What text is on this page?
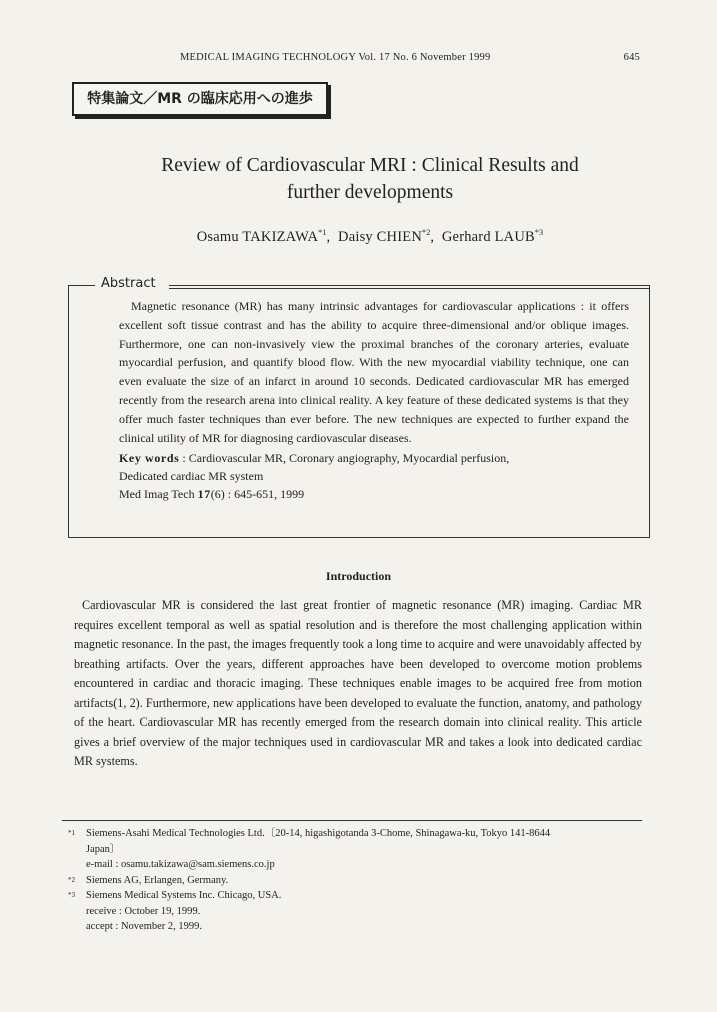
MEDICAL IMAGING TECHNOLOGY Vol. 17 No. 6 November 1999	645
特集論文／MR の臨床応用への進歩
Review of Cardiovascular MRI : Clinical Results and
further developments
Osamu TAKIZAWA$^{*1}$,  Daisy CHIEN$^{*2}$,  Gerhard LAUB$^{*3}$
Abstract

Magnetic resonance (MR) has many intrinsic advantages for cardiovascular applications : it offers excellent soft tissue contrast and has the ability to acquire three-dimensional and/or oblique images. Furthermore, one can non-invasively view the proximal branches of the coronary arteries, evaluate myocardial perfusion, and quantify blood flow. With the new myocardial viability technique, one can even evaluate the size of an infarct in around 10 seconds. Dedicated cardiovascular MR has emerged recently from the research arena into clinical reality. A key feature of these dedicated systems is that they offer much faster techniques than ever before. The new techniques are expected to further expand the clinical utility of MR for diagnosing cardiovascular diseases.

Key words : Cardiovascular MR, Coronary angiography, Myocardial perfusion,
Dedicated cardiac MR system
Med Imag Tech 17(6) : 645-651, 1999
Introduction

Cardiovascular MR is considered the last great frontier of magnetic resonance (MR) imaging. Cardiac MR requires excellent temporal as well as spatial resolution and is therefore the most challenging application within magnetic resonance. In the past, the images frequently took a long time to acquire and were unavoidably affected by breathing artifacts. Over the years, different approaches have been developed to overcome motion problems encountered in cardiac and thoracic imaging. These techniques enable images to be acquired free from motion artifacts(1, 2). Furthermore, new applications have been developed to evaluate the function, anatomy, and pathology of the heart. Cardiovascular MR has recently emerged from the research domain into clinical reality. This article gives a brief overview of the major techniques used in cardiovascular MR and takes a look into dedicated cardiac MR systems.

*1 Siemens-Asahi Medical Technologies Ltd.〔20-14, higashigotanda 3-Chome, Shinagawa-ku, Tokyo 141-8644
Japan〕
e-mail : osamu.takizawa@sam.siemens.co.jp
*2 Siemens AG, Erlangen, Germany.
*3 Siemens Medical Systems Inc. Chicago, USA.
receive : October 19, 1999.
accept : November 2, 1999.
